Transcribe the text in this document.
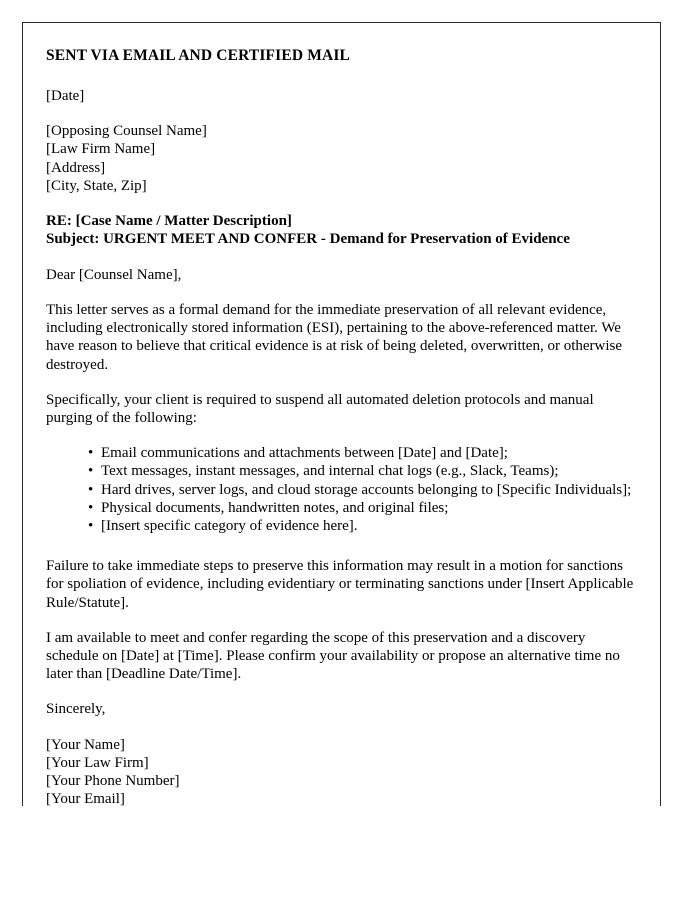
SENT VIA EMAIL AND CERTIFIED MAIL
[Date]
[Opposing Counsel Name]
[Law Firm Name]
[Address]
[City, State, Zip]
RE: [Case Name / Matter Description]
Subject: URGENT MEET AND CONFER - Demand for Preservation of Evidence
Dear [Counsel Name],
This letter serves as a formal demand for the immediate preservation of all relevant evidence, including electronically stored information (ESI), pertaining to the above-referenced matter. We have reason to believe that critical evidence is at risk of being deleted, overwritten, or otherwise destroyed.
Specifically, your client is required to suspend all automated deletion protocols and manual purging of the following:
• Email communications and attachments between [Date] and [Date];
• Text messages, instant messages, and internal chat logs (e.g., Slack, Teams);
• Hard drives, server logs, and cloud storage accounts belonging to [Specific Individuals];
• Physical documents, handwritten notes, and original files;
• [Insert specific category of evidence here].
Failure to take immediate steps to preserve this information may result in a motion for sanctions for spoliation of evidence, including evidentiary or terminating sanctions under [Insert Applicable Rule/Statute].
I am available to meet and confer regarding the scope of this preservation and a discovery schedule on [Date] at [Time]. Please confirm your availability or propose an alternative time no later than [Deadline Date/Time].
Sincerely,
[Your Name]
[Your Law Firm]
[Your Phone Number]
[Your Email]
